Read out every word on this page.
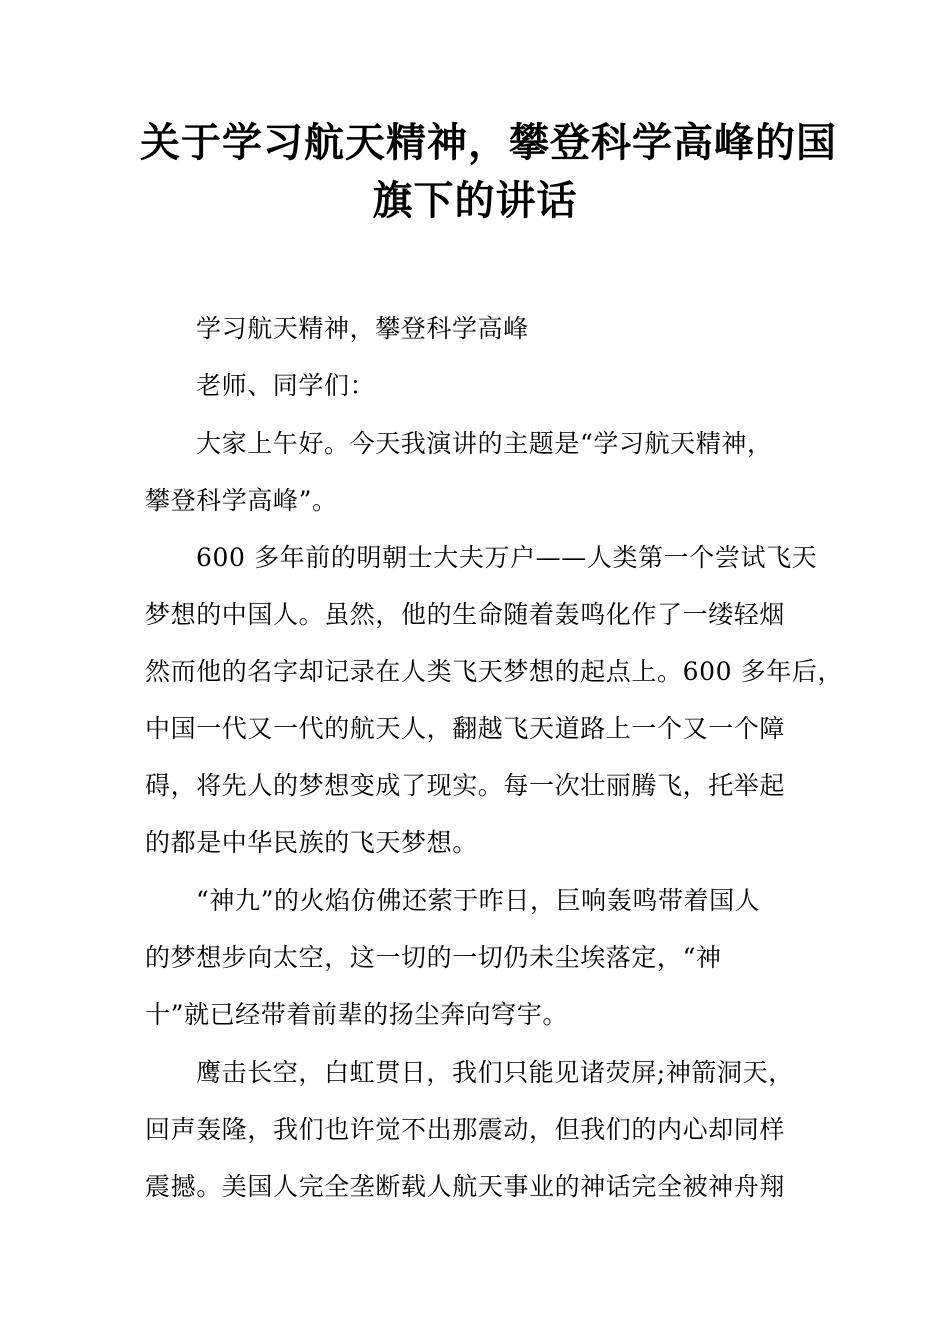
关于学习航天精神，攀登科学高峰的国
旗下的讲话
学习航天精神，攀登科学高峰
老师、同学们：
大家上午好。今天我演讲的主题是“学习航天精神，
攀登科学高峰”。
600 多年前的明朝士大夫万户——人类第一个尝试飞天
梦想的中国人。虽然，他的生命随着轰鸣化作了一缕轻烟
然而他的名字却记录在人类飞天梦想的起点上。600 多年后，
中国一代又一代的航天人，翻越飞天道路上一个又一个障
碍，将先人的梦想变成了现实。每一次壮丽腾飞，托举起
的都是中华民族的飞天梦想。
“神九”的火焰仿佛还萦于昨日，巨响轰鸣带着国人
的梦想步向太空，这一切的一切仍未尘埃落定，“神
十”就已经带着前辈的扬尘奔向穹宇。
鹰击长空，白虹贯日，我们只能见诸荧屏;神箭洞天，
回声轰隆，我们也许觉不出那震动，但我们的内心却同样
震撼。美国人完全垄断载人航天事业的神话完全被神舟翔
